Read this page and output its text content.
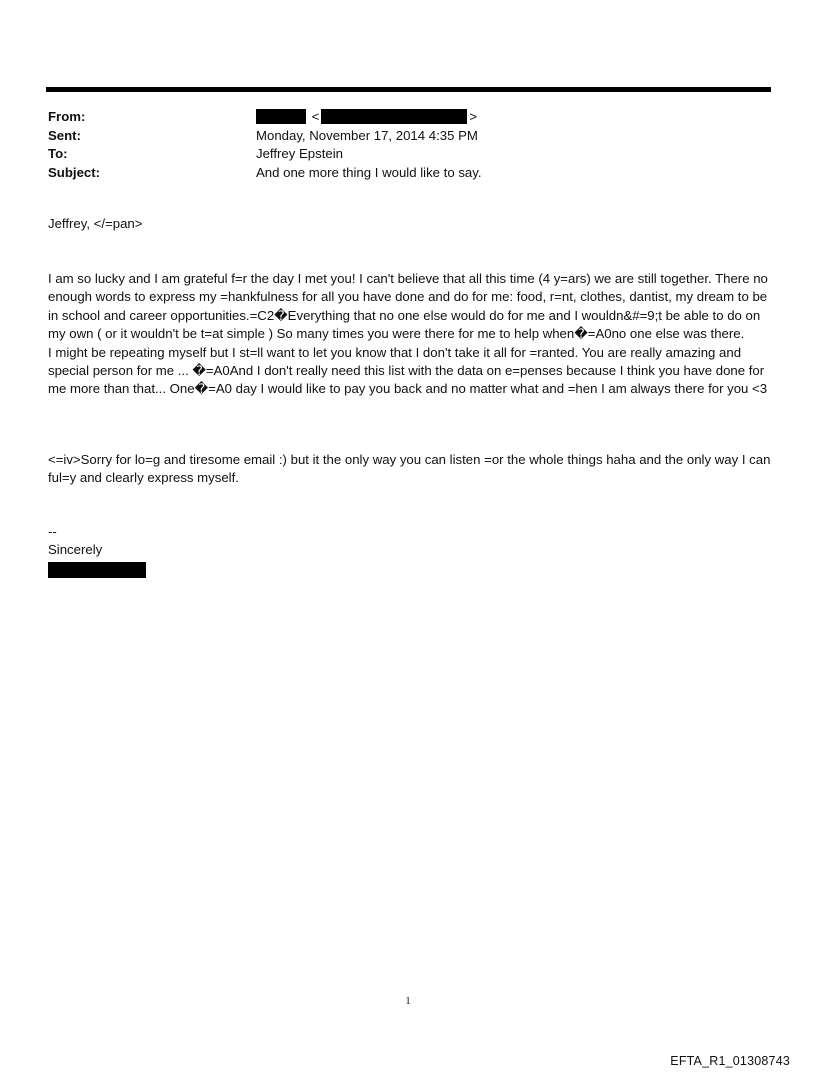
From:	<	>
Sent:	Monday, November 17, 2014 4:35 PM
To:	Jeffrey Epstein
Subject:	And one more thing I would like to say.

Jeffrey, </=pan>

I am so lucky and I am grateful f=r the day I met you! I can't believe that all this time (4 y=ars) we are still together. There no enough words to express my =hankfulness for all you have done and do for me: food, r=nt, clothes, dantist, my dream to be in school and career opportunities.=C2�Everything that no one else would do for me and I wouldn&#=9;t be able to do on my own ( or it wouldn't be t=at simple ) So many times you were there for me to help when�=A0no one else was there.

I might be repeating myself but I st=ll want to let you know that I don't take it all for =ranted. You are really amazing and special person for me ... �=A0And I don't really need this list with the data on e=penses because I think you have done for me more than that... One�=A0 day I would like to pay you back and no matter what and =hen I am always there for you <3

<=iv>Sorry for lo=g and tiresome email :) but it the only way you can listen =or the whole things haha and the only way I can ful=y and clearly express myself.

--

Sincerely

1
EFTA_R1_01308743
